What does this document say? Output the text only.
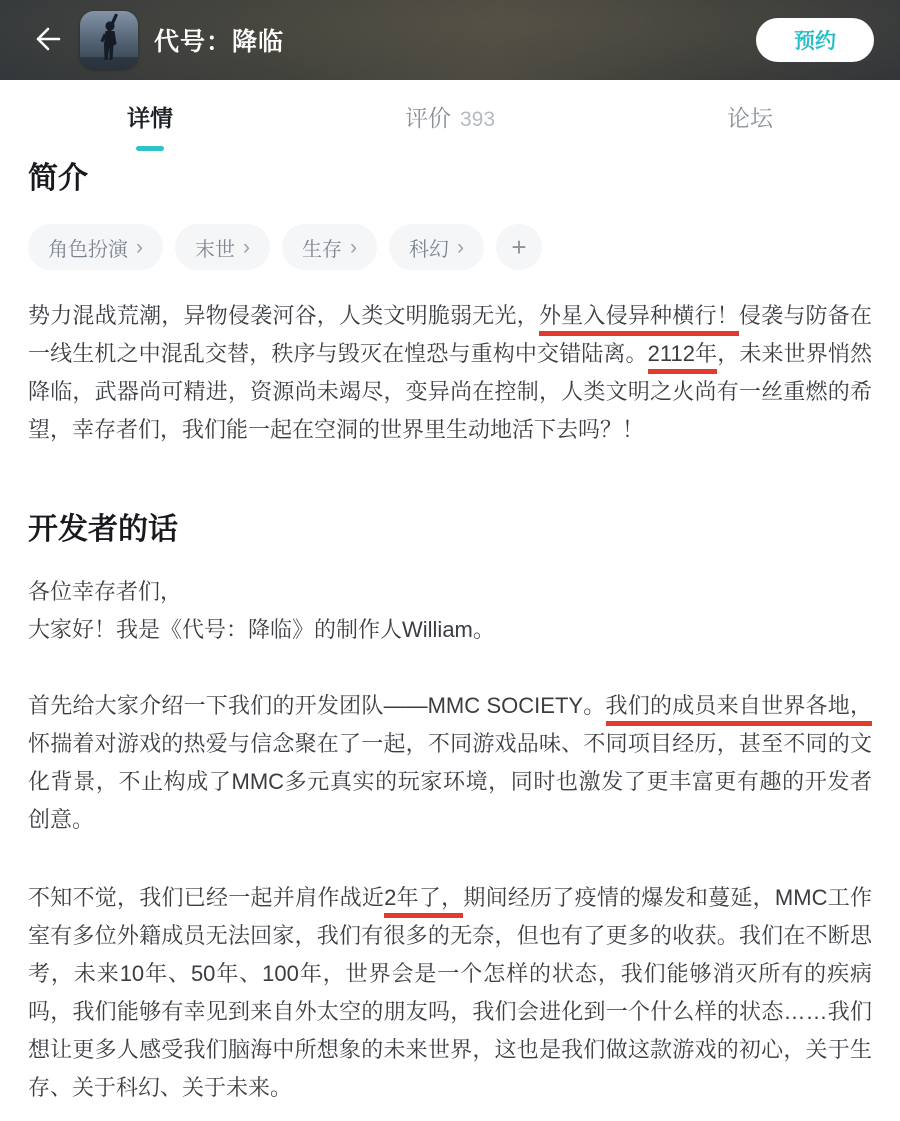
代号：降临	预约
详情	评价 393	论坛
简介
角色扮演 ›	末世 ›	生存 ›	科幻 › +

势力混战荒潮，异物侵袭河谷，人类文明脆弱无光，外星入侵异种横行！侵袭与防备在一线生机之中混乱交替，秩序与毁灭在惶恐与重构中交错陆离。2112年，未来世界悄然降临，武器尚可精进，资源尚未竭尽，变异尚在控制，人类文明之火尚有一丝重燃的希望，幸存者们，我们能一起在空洞的世界里生动地活下去吗？！

开发者的话

各位幸存者们，
大家好！我是《代号：降临》的制作人William。

首先给大家介绍一下我们的开发团队——MMC SOCIETY。我们的成员来自世界各地，怀揣着对游戏的热爱与信念聚在了一起，不同游戏品味、不同项目经历，甚至不同的文化背景，不止构成了MMC多元真实的玩家环境，同时也激发了更丰富更有趣的开发者创意。

不知不觉，我们已经一起并肩作战近2年了，期间经历了疫情的爆发和蔓延，MMC工作室有多位外籍成员无法回家，我们有很多的无奈，但也有了更多的收获。我们在不断思考，未来10年、50年、100年，世界会是一个怎样的状态，我们能够消灭所有的疾病吗，我们能够有幸见到来自外太空的朋友吗，我们会进化到一个什么样的状态……我们想让更多人感受我们脑海中所想象的未来世界，这也是我们做这款游戏的初心，关于生存、关于科幻、关于未来。
